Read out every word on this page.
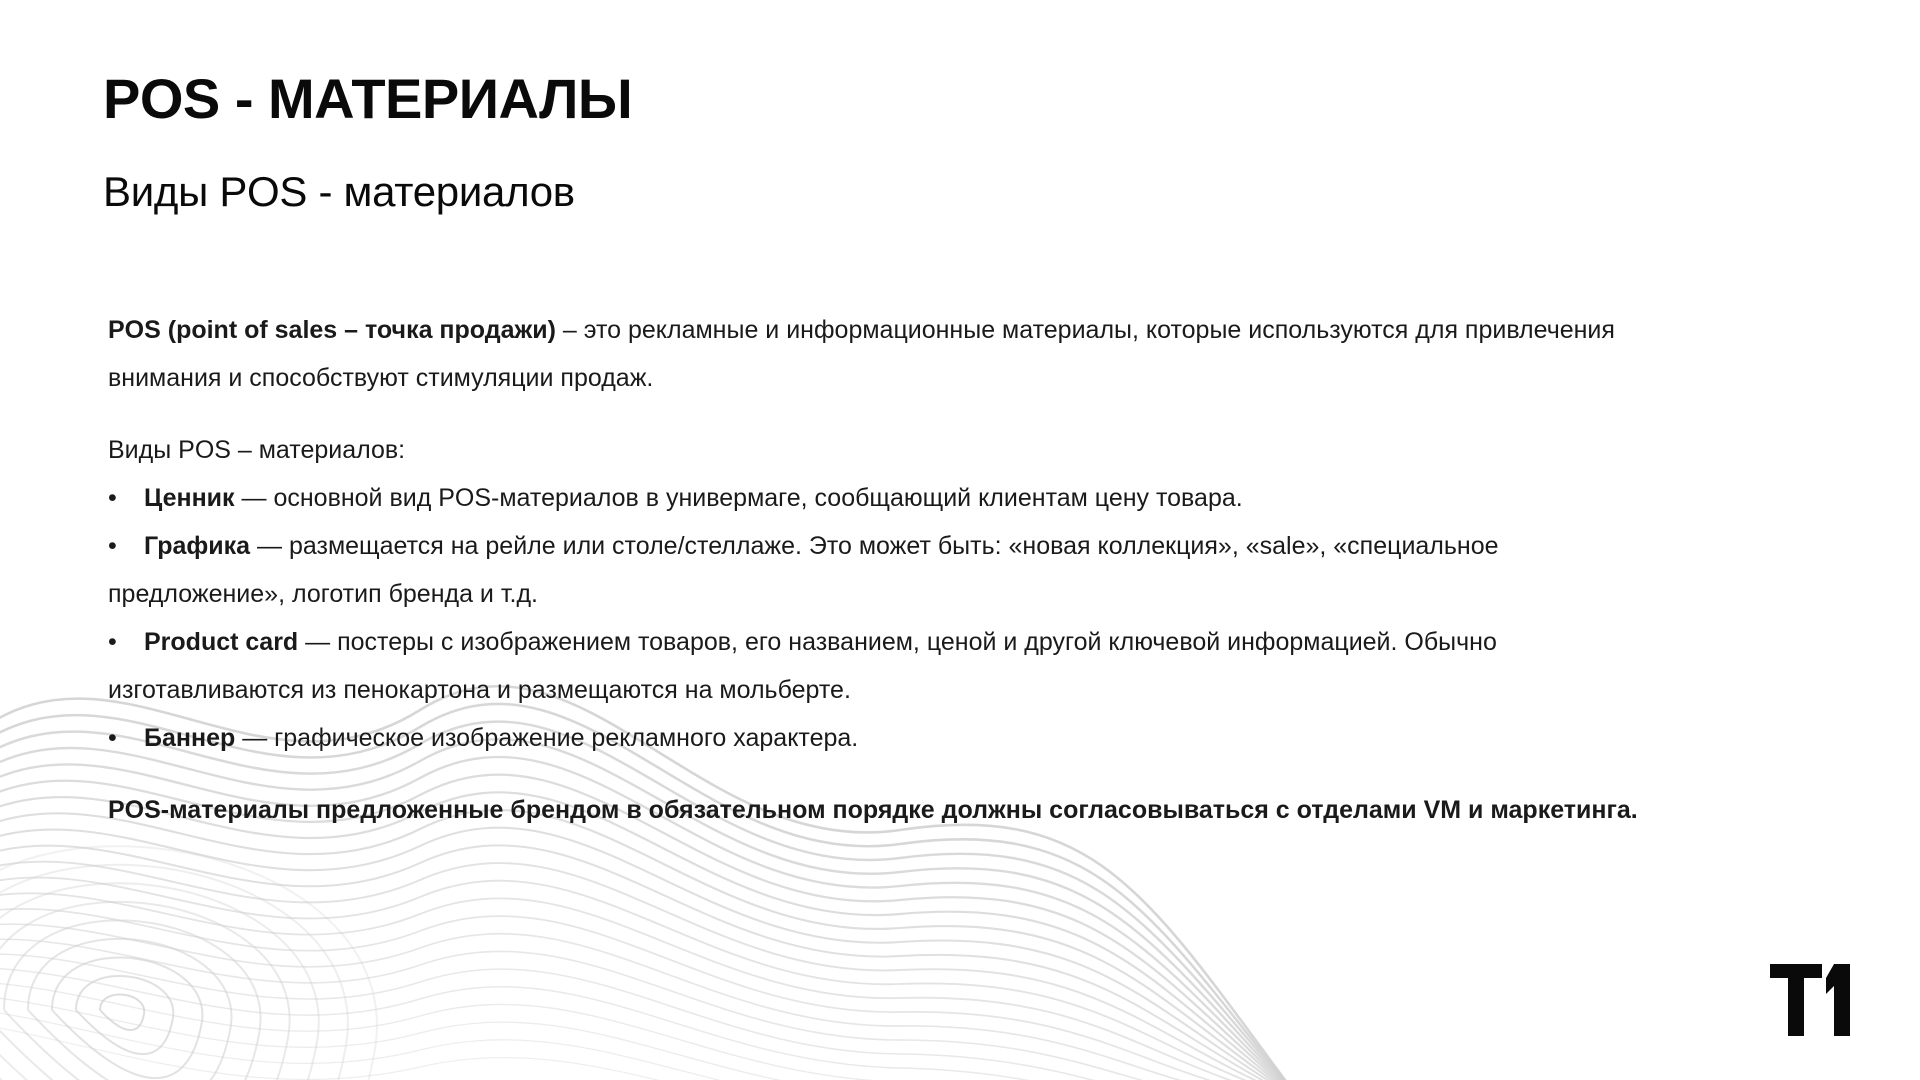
POS - МАТЕРИАЛЫ
Виды POS - материалов

POS (point of sales – точка продажи) – это рекламные и информационные материалы, которые используются для привлечения
внимания и способствуют стимуляции продаж.

Виды POS – материалов:

• Ценник — основной вид POS-материалов в универмаге, сообщающий клиентам цену товара.

• Графика — размещается на рейле или столе/стеллаже. Это может быть: «новая коллекция», «sale», «специальное
предложение», логотип бренда и т.д.

• Product card — постеры с изображением товаров, его названием, ценой и другой ключевой информацией. Обычно
изготавливаются из пенокартона и размещаются на мольберте.

• Баннер — графическое изображение рекламного характера.

POS-материалы предложенные брендом в обязательном порядке должны согласовываться с отделами VM и маркетинга.
